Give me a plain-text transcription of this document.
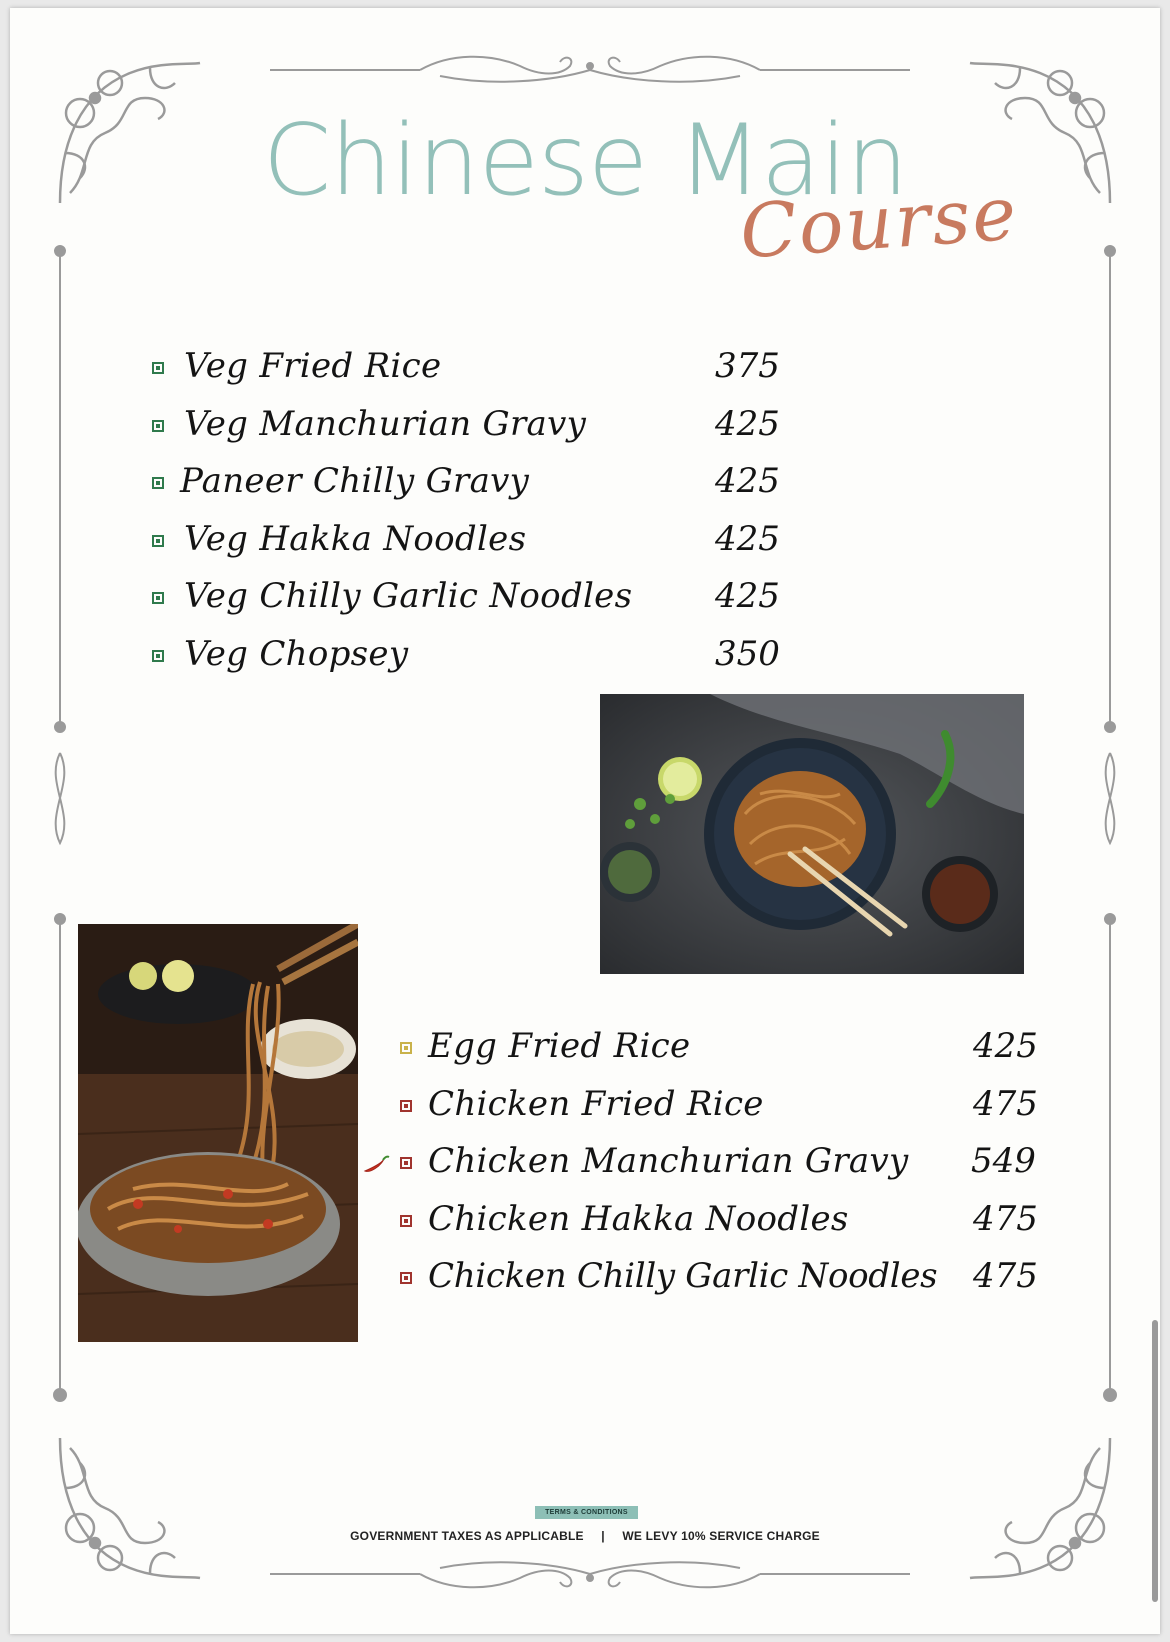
Chinese Main
Course
Veg Fried Rice	375
Veg Manchurian Gravy	425
Paneer Chilly Gravy	425
Veg Hakka Noodles	425
Veg Chilly Garlic Noodles 425
Veg Chopsey	350
Egg Fried Rice	425
Chicken Fried Rice	475
Chicken Manchurian Gravy 549
Chicken Hakka Noodles	475
Chicken Chilly Garlic Noodles 475
TERMS & CONDITIONS
GOVERNMENT TAXES AS APPLICABLE | WE LEVY 10% SERVICE CHARGE
